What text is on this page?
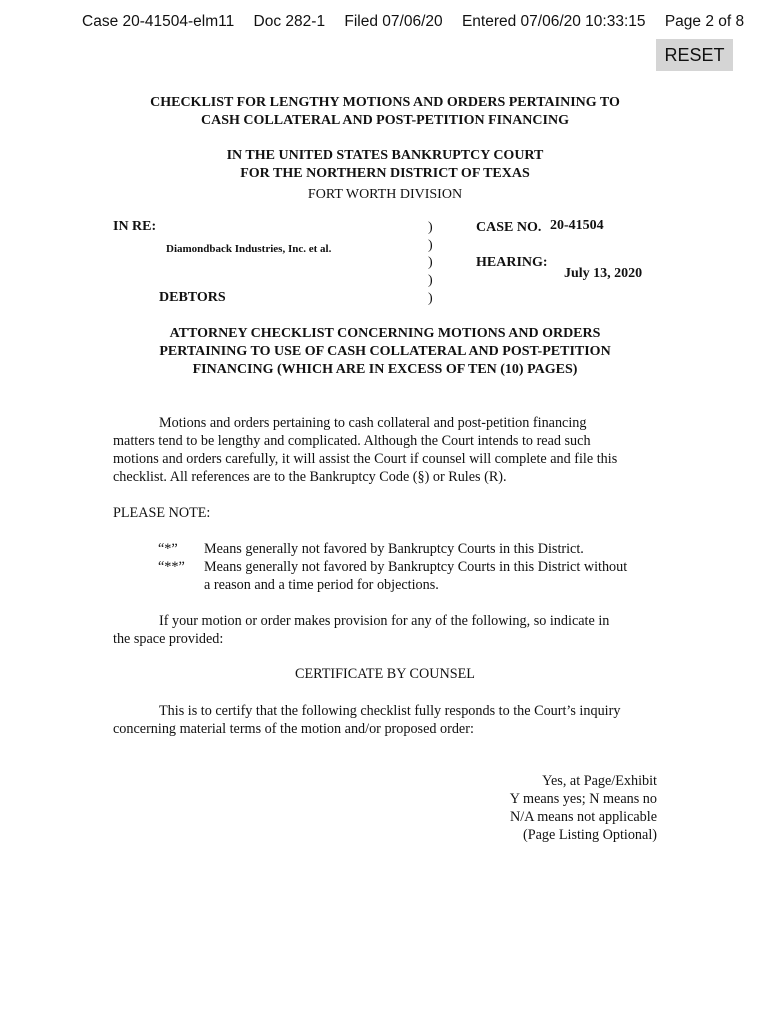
Case 20-41504-elm11 Doc 282-1 Filed 07/06/20 Entered 07/06/20 10:33:15 Page 2 of 8
RESET
CHECKLIST FOR LENGTHY MOTIONS AND ORDERS PERTAINING TO
CASH COLLATERAL AND POST-PETITION FINANCING
IN THE UNITED STATES BANKRUPTCY COURT
FOR THE NORTHERN DISTRICT OF TEXAS
FORT WORTH DIVISION
IN RE:
Diamondback Industries, Inc. et al.
DEBTORS
)
)
)
)
)
CASE NO. 20-41504
HEARING:
July 13, 2020
ATTORNEY CHECKLIST CONCERNING MOTIONS AND ORDERS
PERTAINING TO USE OF CASH COLLATERAL AND POST-PETITION
FINANCING (WHICH ARE IN EXCESS OF TEN (10) PAGES)
Motions and orders pertaining to cash collateral and post-petition financing
matters tend to be lengthy and complicated. Although the Court intends to read such
motions and orders carefully, it will assist the Court if counsel will complete and file this
checklist. All references are to the Bankruptcy Code (§) or Rules (R).
PLEASE NOTE:
“*” Means generally not favored by Bankruptcy Courts in this District.
“**” Means generally not favored by Bankruptcy Courts in this District without
a reason and a time period for objections.
If your motion or order makes provision for any of the following, so indicate in
the space provided:
CERTIFICATE BY COUNSEL
This is to certify that the following checklist fully responds to the Court’s inquiry
concerning material terms of the motion and/or proposed order:
Yes, at Page/Exhibit
Y means yes; N means no
N/A means not applicable
(Page Listing Optional)
